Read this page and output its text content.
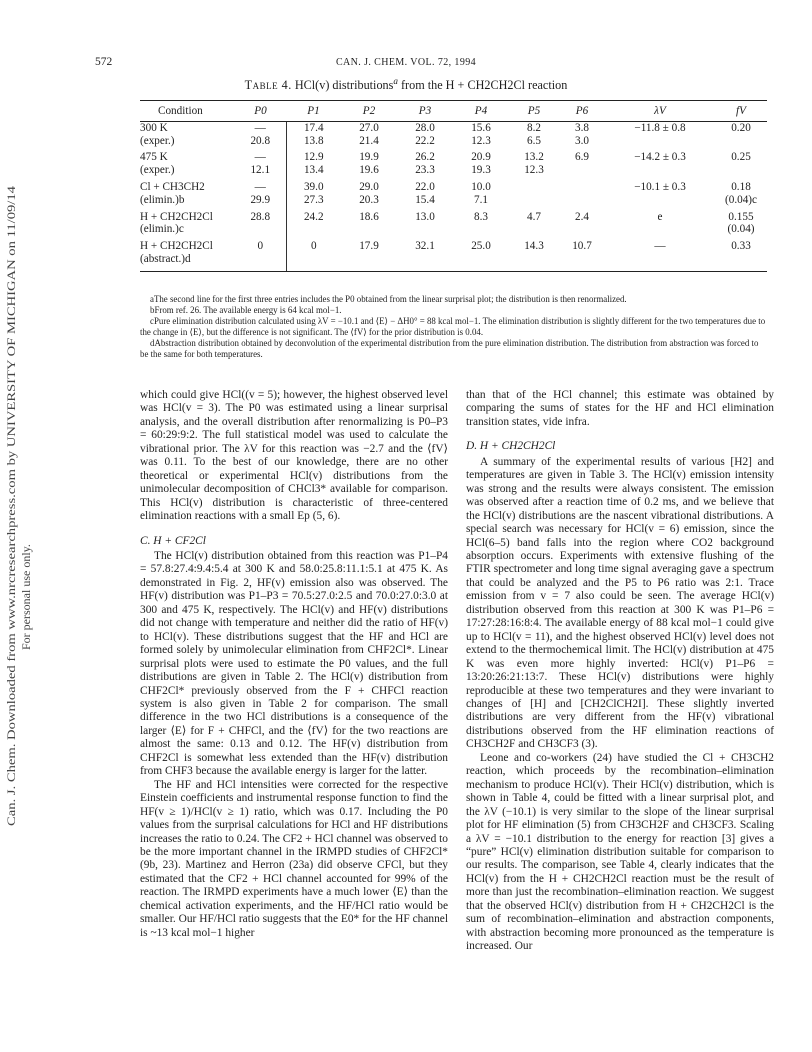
Can. J. Chem. Downloaded from www.nrcresearchpress.com by UNIVERSITY OF MICHIGAN on 11/09/14 For personal use only.
572	CAN. J. CHEM. VOL. 72, 1994
Table 4. HCl(v) distributions$^a$ from the H + CH2CH2Cl reaction
Condition	P0	P1	P2	P3	P4	P5	P6	λV	fV
300 K	—	17.4	27.0	28.0	15.6	8.2	3.8	−11.8 ± 0.8	0.20
(exper.)	20.8	13.8	21.4	22.2	12.3	6.5	3.0		
475 K	—	12.9	19.9	26.2	20.9	13.2	6.9	−14.2 ± 0.3	0.25
(exper.)	12.1	13.4	19.6	23.3	19.3	12.3			
Cl + CH3CH2	—	39.0	29.0	22.0	10.0			−10.1 ± 0.3	0.18
(elimin.)b	29.9	27.3	20.3	15.4	7.1				(0.04)c
H + CH2CH2Cl	28.8	24.2	18.6	13.0	8.3	4.7	2.4	e	0.155
(elimin.)c									(0.04)
H + CH2CH2Cl	0	0	17.9	32.1	25.0	14.3	10.7	—	0.33
(abstract.)d									

aThe second line for the first three entries includes the P0 obtained from the linear surprisal plot; the distribution is then renormalized.

bFrom ref. 26. The available energy is 64 kcal mol−1.

cPure elimination distribution calculated using λV = −10.1 and ⟨E⟩ − ΔH0° = 88 kcal mol−1. The elimination distribution is slightly different for the two temperatures due to the change in ⟨E⟩, but the difference is not significant. The ⟨fV⟩ for the prior distribution is 0.04.

dAbstraction distribution obtained by deconvolution of the experimental distribution from the pure elimination distribution. The distribution from abstraction was forced to be the same for both temperatures.

which could give HCl((v = 5); however, the highest observed level was HCl(v = 3). The P0 was estimated using a linear surprisal analysis, and the overall distribution after renormalizing is P0–P3 = 60:29:9:2. The full statistical model was used to calculate the vibrational prior. The λV for this reaction was −2.7 and the ⟨fV⟩ was 0.11. To the best of our knowledge, there are no other theoretical or experimental HCl(v) distributions from the unimolecular decomposition of CHCl3* available for comparison. This HCl(v) distribution is characteristic of three-centered elimination reactions with a small Ep (5, 6).

C. H + CF2Cl

The HCl(v) distribution obtained from this reaction was P1–P4 = 57.8:27.4:9.4:5.4 at 300 K and 58.0:25.8:11.1:5.1 at 475 K. As demonstrated in Fig. 2, HF(v) emission also was observed. The HF(v) distribution was P1–P3 = 70.5:27.0:2.5 and 70.0:27.0:3.0 at 300 and 475 K, respectively. The HCl(v) and HF(v) distributions did not change with temperature and neither did the ratio of HF(v) to HCl(v). These distributions suggest that the HF and HCl are formed solely by unimolecular elimination from CHF2Cl*. Linear surprisal plots were used to estimate the P0 values, and the full distributions are given in Table 2. The HCl(v) distribution from CHF2Cl* previously observed from the F + CHFCl reaction system is also given in Table 2 for comparison. The small difference in the two HCl distributions is a consequence of the larger ⟨E⟩ for F + CHFCl, and the ⟨fV⟩ for the two reactions are almost the same: 0.13 and 0.12. The HF(v) distribution from CHF2Cl is somewhat less extended than the HF(v) distribution from CHF3 because the available energy is larger for the latter.

The HF and HCl intensities were corrected for the respective Einstein coefficients and instrumental response function to find the HF(v ≥ 1)/HCl(v ≥ 1) ratio, which was 0.17. Including the P0 values from the surprisal calculations for HCl and HF distributions increases the ratio to 0.24. The CF2 + HCl channel was observed to be the more important channel in the IRMPD studies of CHF2Cl* (9b, 23). Martinez and Herron (23a) did observe CFCl, but they estimated that the CF2 + HCl channel accounted for 99% of the reaction. The IRMPD experiments have a much lower ⟨E⟩ than the chemical activation experiments, and the HF/HCl ratio would be smaller. Our HF/HCl ratio suggests that the E0* for the HF channel is ~13 kcal mol−1 higher

than that of the HCl channel; this estimate was obtained by comparing the sums of states for the HF and HCl elimination transition states, vide infra.

D. H + CH2CH2Cl

A summary of the experimental results of various [H2] and temperatures are given in Table 3. The HCl(v) emission intensity was strong and the results were always consistent. The emission was observed after a reaction time of 0.2 ms, and we believe that the HCl(v) distributions are the nascent vibrational distributions. A special search was necessary for HCl(v = 6) emission, since the HCl(6–5) band falls into the region where CO2 background absorption occurs. Experiments with extensive flushing of the FTIR spectrometer and long time signal averaging gave a spectrum that could be analyzed and the P5 to P6 ratio was 2:1. Trace emission from v = 7 also could be seen. The average HCl(v) distribution observed from this reaction at 300 K was P1–P6 = 17:27:28:16:8:4. The available energy of 88 kcal mol−1 could give up to HCl(v = 11), and the highest observed HCl(v) level does not extend to the thermochemical limit. The HCl(v) distribution at 475 K was even more highly inverted: HCl(v) P1–P6 = 13:20:26:21:13:7. These HCl(v) distributions were highly reproducible at these two temperatures and they were invariant to changes of [H] and [CH2ClCH2I]. These slightly inverted distributions are very different from the HF(v) vibrational distributions observed from the HF elimination reactions of CH3CH2F and CH3CF3 (3).

Leone and co-workers (24) have studied the Cl + CH3CH2 reaction, which proceeds by the recombination–elimination mechanism to produce HCl(v). Their HCl(v) distribution, which is shown in Table 4, could be fitted with a linear surprisal plot, and the λV (−10.1) is very similar to the slope of the linear surprisal plot for HF elimination (5) from CH3CH2F and CH3CF3. Scaling a λV = −10.1 distribution to the energy for reaction [3] gives a “pure” HCl(v) elimination distribution suitable for comparison to our results. The comparison, see Table 4, clearly indicates that the HCl(v) from the H + CH2CH2Cl reaction must be the result of more than just the recombination–elimination reaction. We suggest that the observed HCl(v) distribution from H + CH2CH2Cl is the sum of recombination–elimination and abstraction components, with abstraction becoming more pronounced as the temperature is increased. Our
